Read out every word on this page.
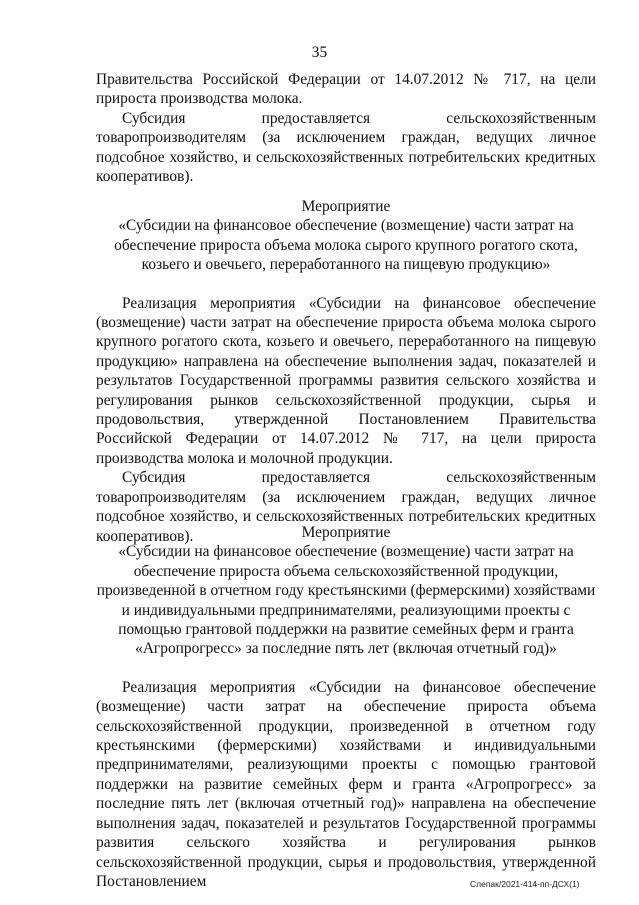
35

Правительства Российской Федерации от 14.07.2012 № 717, на цели прироста производства молока.

Субсидия предоставляется сельскохозяйственным товаропроизводителям (за исключением граждан, ведущих личное подсобное хозяйство, и сельскохозяйственных потребительских кредитных кооперативов).

Мероприятие

«Субсидии на финансовое обеспечение (возмещение) части затрат на обеспечение прироста объема молока сырого крупного рогатого скота, козьего и овечьего, переработанного на пищевую продукцию»

Реализация мероприятия «Субсидии на финансовое обеспечение (возмещение) части затрат на обеспечение прироста объема молока сырого крупного рогатого скота, козьего и овечьего, переработанного на пищевую продукцию» направлена на обеспечение выполнения задач, показателей и результатов Государственной программы развития сельского хозяйства и регулирования рынков сельскохозяйственной продукции, сырья и продовольствия, утвержденной Постановлением Правительства Российской Федерации от 14.07.2012 № 717, на цели прироста производства молока и молочной продукции.

Субсидия предоставляется сельскохозяйственным товаропроизводителям (за исключением граждан, ведущих личное подсобное хозяйство, и сельскохозяйственных потребительских кредитных кооперативов).	Мероприятие

«Субсидии на финансовое обеспечение (возмещение) части затрат на обеспечение прироста объема сельскохозяйственной продукции, произведенной в отчетном году крестьянскими (фермерскими) хозяйствами и индивидуальными предпринимателями, реализующими проекты с помощью грантовой поддержки на развитие семейных ферм и гранта «Агропрогресс» за последние пять лет (включая отчетный год)»

Реализация мероприятия «Субсидии на финансовое обеспечение (возмещение) части затрат на обеспечение прироста объема сельскохозяйственной продукции, произведенной в отчетном году крестьянскими (фермерскими) хозяйствами и индивидуальными предпринимателями, реализующими проекты с помощью грантовой поддержки на развитие семейных ферм и гранта «Агропрогресс» за последние пять лет (включая отчетный год)» направлена на обеспечение выполнения задач, показателей и результатов Государственной программы развития сельского хозяйства и регулирования рынков сельскохозяйственной продукции, сырья и продовольствия, утвержденной Постановлением	Слепак/2021-414-пп-ДСХ(1)
